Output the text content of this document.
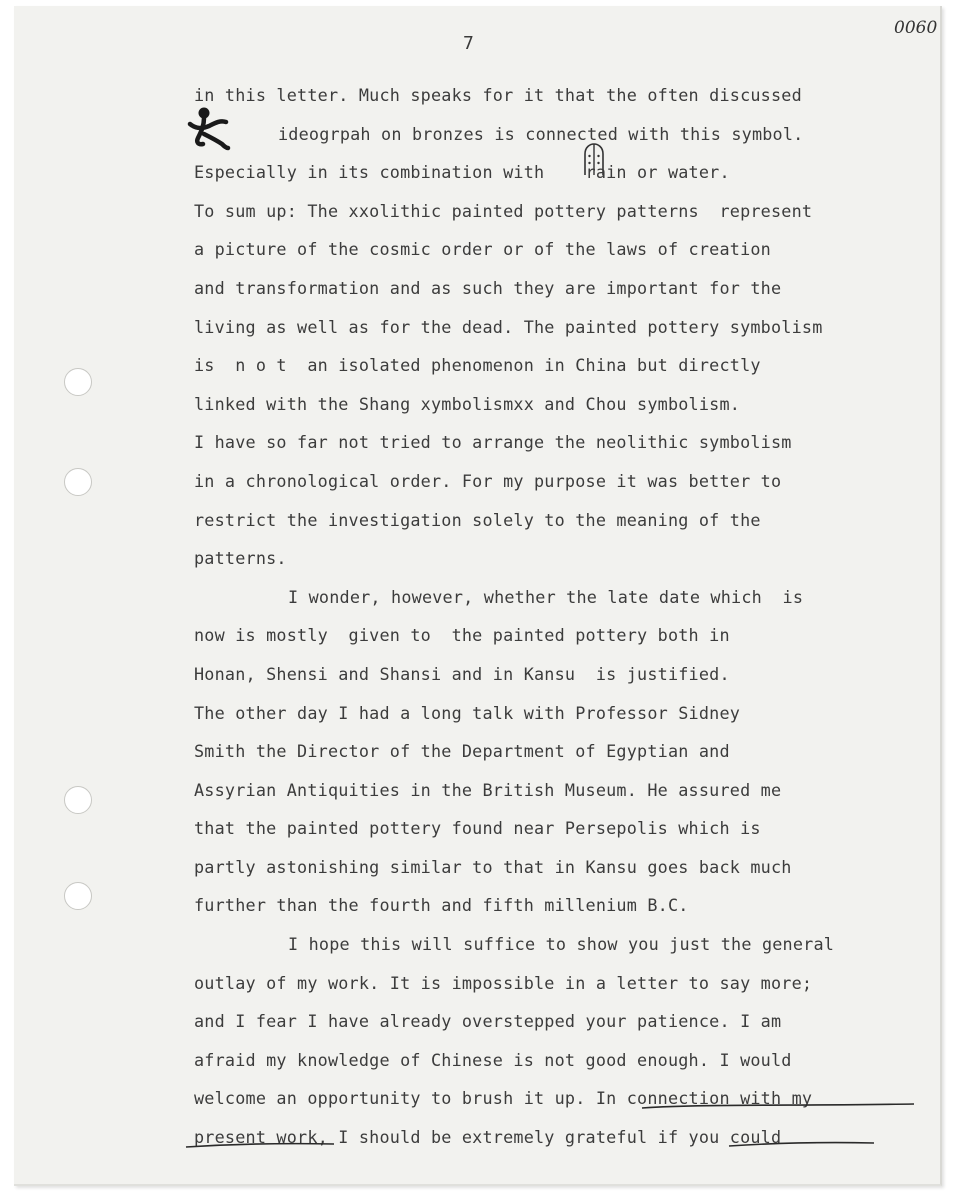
0060
7
in this letter. Much speaks for it that the often discussed
ideogrpah on bronzes is connected with this symbol.
Especially in its combination with    rain or water.
To sum up: The xxolithic painted pottery patterns  represent
a picture of the cosmic order or of the laws of creation
and transformation and as such they are important for the
living as well as for the dead. The painted pottery symbolism
is  n o t  an isolated phenomenon in China but directly
linked with the Shang xymbolismxx and Chou symbolism.
I have so far not tried to arrange the neolithic symbolism
in a chronological order. For my purpose it was better to
restrict the investigation solely to the meaning of the
patterns.
I wonder, however, whether the late date which  is
now is mostly  given to  the painted pottery both in
Honan, Shensi and Shansi and in Kansu  is justified.
The other day I had a long talk with Professor Sidney
Smith the Director of the Department of Egyptian and
Assyrian Antiquities in the British Museum. He assured me
that the painted pottery found near Persepolis which is
partly astonishing similar to that in Kansu goes back much
further than the fourth and fifth millenium B.C.
I hope this will suffice to show you just the general
outlay of my work. It is impossible in a letter to say more;
and I fear I have already overstepped your patience. I am
afraid my knowledge of Chinese is not good enough. I would
welcome an opportunity to brush it up. In connection with my
present work, I should be extremely grateful if you could
